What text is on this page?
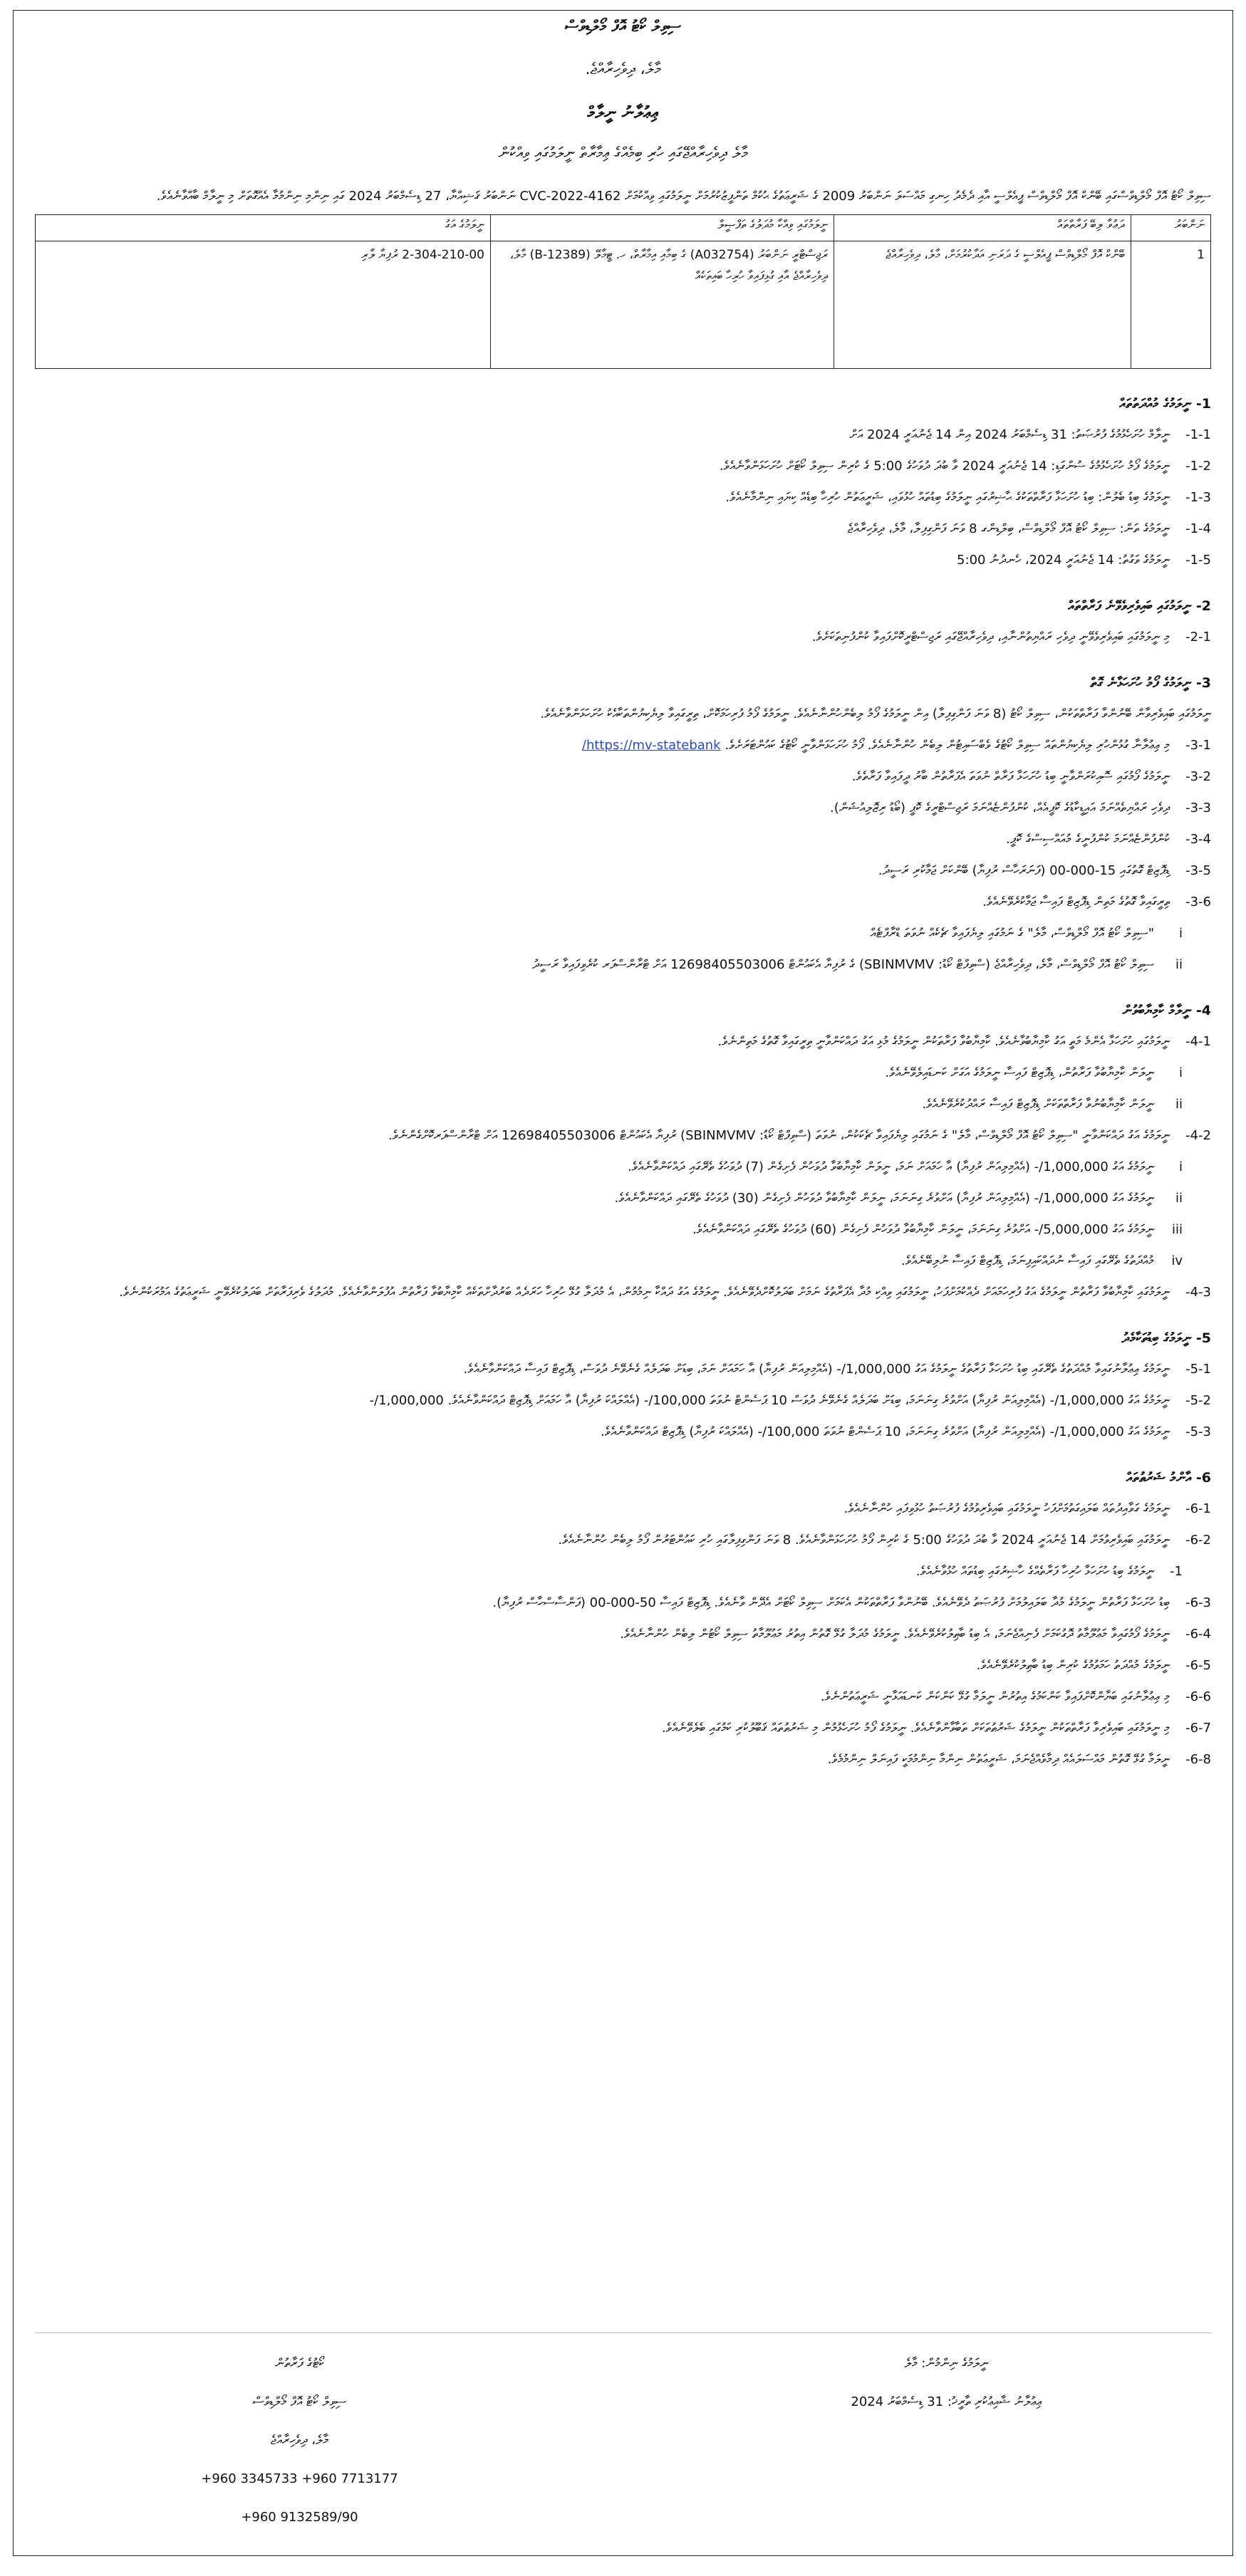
ސިވިލް ކޯޓު އޮފް މޯލްޑިވްސް
މާލެ، ދިވެހިރާއްޖެ.
ޢިޢުލާނު ނީލާމް
މާލެ ދިވެހިރާއްޖޭގައި ހުރި ބިމެއްގެ ޢިމާރާތް ނީލަމުގައި ވިއްކުން

ސިވިލް ކޯޓު އޮފް މޯލްޑިވްސްގައި ބޭންކް އޮފް މޯލްޑިވްސް ޕީއެލްސީ އާއި ދެމެދު ހިނގި މައްސަލަ ނަންބަރު 2009 ގެ ޝަރީޢަތުގެ ޙުކުމް ތަންފީޒުކުރުމަށް ނީލަމުގައި ވިއްކުމަށް 4162-CVC-2022 ނަންބަރު ޤަޟިއްޔާ، 27 ޑިސެމްބަރު 2024 ގައި ނިންމި ނިންމުމާ އެއްގޮތަށް މި ނީލާމް ބާއްވާނެއެވެ.

ނަންބަރު	ދަޢުވާ ލިބޭ ފަރާތްތައް	ނީލަމުގައި ވިއްކާ މުދަލުގެ ތަފްޞީލް	ނީލަމުގެ އަގު
1	ބޭންކް އޮފް މޯލްޑިވްސް ޕީއެލްސީ ގެ ދަރަނި އަދާކުރުމަށް، މާލެ، ދިވެހިރާއްޖެ	ރަޖިސްޓްރީ ނަންބަރު (A032754) ގެ ބިމާއި އިމާރާތް، ހ. ޓީމާލޭ (B-12389) މާލެ، ދިވެހިރާއްޖެ އާއި ގުޅިފައިވާ ހުރިހާ ބައިތަކެއް	2-304-210-00 ރުފިޔާ ލާރި
1- ނީލަމުގެ މުއްދަތުތައް
1-1-
ނީލާމް ހުށަހެޅުމުގެ ފުރުޞަތު: 31 ޑިސެމްބަރު 2024 އިން 14 ޖެނުއަރީ 2024 އަށް
1-2-
ނީލަމުގެ ފޯމު ހުށަހެޅުމުގެ ސުންގަޑި: 14 ޖެނުއަރީ 2024 ވާ ބުދަ ދުވަހުގެ 5:00 ގެ ކުރިން ސިވިލް ކޯޓަށް ހުށަހަޅަންވާނެއެވެ.
1-3-
ނީލަމުގެ ބިޑު ބެލުން: ބިޑު ހުށަހަޅާ ފަރާތްތަކުގެ ޙާޟިރުގައި ނީލަމުގެ ބިޑުތައް ހުޅުވައި، ޝަރީޢަތުން ހުރިހާ ބިޑެއް ކިޔައި ނިންމާނެއެވެ.
1-4-
ނީލަމުގެ ތަން: ސިވިލް ކޯޓު އޮފް މޯލްޑިވްސް، ބިލްޑިންގ 8 ވަނަ ފަންގިފިލާ، މާލެ، ދިވެހިރާއްޖެ
1-5-
ނީލަމުގެ ވަގުތު: 14 ޖެނުއަރީ 2024، ހެނދުނު 5:00
2- ނީލަމުގައި ބައިވެރިވެވޭނެ ފަރާތްތައް
2-1-
މި ނީލަމުގައި ބައިވެރިވެވޭނީ ދިވެހި ރައްޔިތުންނާއި، ދިވެހިރާއްޖޭގައި ރަޖިސްޓްރީކޮށްފައިވާ ކުންފުނިތަކަށެވެ.
3- ނީލަމުގެ ފޯމު ހުށަހަޅާނެ ގޮތް

ނީލަމުގައި ބައިވެރިވާން ބޭނުންވާ ފަރާތްތަކުން، ސިވިލް ކޯޓު (8 ވަނަ ފަންގިފިލާ) އިން ނީލަމުގެ ފޯމު ލިބެންހުންނާނެއެވެ. ނީލަމުގެ ފޯމު ފުރިހަމަކޮށް، ތިރީގައިވާ ލިޔެކިޔުންތަކާއެކު ހުށަހަޅަންވާނެއެވެ.

3-1-
މި ޢިޢުލާނާ ގުޅުންހުރި ލިޔެކިޔުންތައް ސިވިލް ކޯޓުގެ ވެބްސައިޓުން ލިބެން ހުންނާނެއެވެ. ފޯމު ހުށަހަޅަންވާނީ ކޯޓުގެ ކައުންޓަރަށެވެ. https://mv-statebank/
3-2-
ނީލަމުގެ ފޯމުގައި ސޮއިކުރަންވާނީ ބިޑު ހުށަހަޅާ ފަރާތް ނުވަތަ އެފަރާތުން ބާރު ދީފައިވާ ފަރާތެވެ.
3-3-
ދިވެހި ރައްޔިތެއްނަމަ އައިޑީކާޑުގެ ކޮޕީއެއް، ކުންފުންޏެއްނަމަ ރަޖިސްޓްރީގެ ކޮޕީ (ބޯޑު ރިޒޮލިއުޝަން).
3-4-
ކުންފުންޏެއްނަމަ ކުންފުނީގެ މުއައްސިސްގެ ކޮޕީ.
3-5-
ޑިޕޮޒިޓް ގޮތުގައި 15-000-00 (ފަނަރަހާސް ރުފިޔާ) ބޭންކަށް ޖަމާކުރި ރަސީދު.
3-6-
ތިރީގައިވާ ގޮތުގެ މަތިން ޑިޕޮޒިޓް ފައިސާ ޖަމާކުރެވޭނެއެވެ.
i
"ސިވިލް ކޯޓު އޮފް މޯލްޑިވްސް، މާލެ" ގެ ނަމުގައި ލިޔެފައިވާ ޗެކެއް ނުވަތަ ޑްރާފްޓެއް
ii
ސިވިލް ކޯޓު އޮފް މޯލްޑިވްސް، މާލެ، ދިވެހިރާއްޖެ (ސްވިފްޓް ކޯޑު: SBINMVMV) ގެ ރުފިޔާ އެކައުންޓް 12698405503006 އަށް ޓްރާންސްފަރ ކުރެވިފައިވާ ރަސީދު
4- ނީލާމް ކާމިޔާބުވުން
4-1-
ނީލަމުގައި ހުށަހަޅާ އެންމެ މަތީ އަގު ކާމިޔާބުވާނެއެވެ. ކާމިޔާބުވާ ފަރާތަކުން ނީލަމުގެ މުޅި އަގު ދައްކަންވާނީ ތިރީގައިވާ ގޮތުގެ މަތިންނެވެ.
i
ނީލަން ކާމިޔާބުވާ ފަރާތުން، ޑިޕޮޒިޓް ފައިސާ ނީލަމުގެ އަގަށް ކަނޑައިލެވޭނެއެވެ.
ii
ނީލަން ކާމިޔާބުނުވާ ފަރާތްތަކަށް ޑިޕޮޒިޓް ފައިސާ ރައްދުކުރެވޭނެއެވެ.
4-2-
ނީލަމުގެ އަގު ދައްކަންވާނީ "ސިވިލް ކޯޓު އޮފް މޯލްޑިވްސް، މާލެ" ގެ ނަމުގައި ލިޔެފައިވާ ޗެކަކުން، ނުވަތަ (ސްވިފްޓް ކޯޑު: SBINMVMV) ރުފިޔާ އެކައުންޓް 12698405503006 އަށް ޓްރާންސްފަރކޮށްގެންނެވެ.
i
ނީލަމުގެ އަގު 1,000,000/- (އެއްމިލިއަން ރުފިޔާ) އާ ހަމައަށް ނަމަ، ނީލަން ކާމިޔާބުވާ ދުވަހުން ފެށިގެން (7) ދުވަހުގެ ތެރޭގައި ދައްކަންވާނެއެވެ.
ii
ނީލަމުގެ އަގު 1,000,000/- (އެއްމިލިއަން ރުފިޔާ) އަށްވުރެ ގިނަނަމަ، ނީލަން ކާމިޔާބުވާ ދުވަހުން ފެށިގެން (30) ދުވަހުގެ ތެރޭގައި ދައްކަންވާނެއެވެ.
iii
ނީލަމުގެ އަގު 5,000,000/- އަށްވުރެ ގިނަނަމަ، ނީލަން ކާމިޔާބުވާ ދުވަހުން ފެށިގެން (60) ދުވަހުގެ ތެރޭގައި ދައްކަންވާނެއެވެ.
iv
މުއްދަތުގެ ތެރޭގައި ފައިސާ ނުދައްކައިފިނަމަ، ޑިޕޮޒިޓް ފައިސާ ނުލިބޭނެއެވެ.
4-3-
ނީލަމުގައި ކާމިޔާބުވާ ފަރާތުން ނީލަމުގެ އަގު ފުރިހަމައަށް ދެއްކުމަށްފަހު، ނީލަމުގައި ވިއްކި މުދާ އެފަރާތުގެ ނަމަށް ބަދަލުކޮށްދެވޭނެއެވެ. ނީލަމުގެ އަގު ދައްކާ ނިމުމުން، އެ މުދަލާ ގުޅޭ ހުރިހާ ހަރަދެއް ބަރުދާށްތަކެއް ކާމިޔާބުވާ ފަރާތުން އުފުލަންވާނެއެވެ. މުދަލުގެ ވެރިފަރާތަށް ބަދަލުކުރެވޭނީ ޝަރީޢަތުގެ އަމުރަކުންނެވެ.
5- ނީލަމުގެ ބިޑުތަކާމެދު
5-1-
ނީލަމުގެ ޢިޢުލާނުގައިވާ މުއްދަތުގެ ތެރޭގައި ބިޑު ހުށަހަޅާ ފަރާތުގެ ނީލަމުގެ އަގު 1,000,000/- (އެއްމިލިއަން ރުފިޔާ) އާ ހަމައަށް ނަމަ، ބިޑަށް ބަދަލެއް ގެނެވޭނެ ދުވަސް، ޑިޕޮޒިޓް ފައިސާ ދައްކަންވާނެއެވެ.
5-2-
ނީލަމުގެ އަގު 1,000,000/- (އެއްމިލިއަން ރުފިޔާ) އަށްވުރެ ގިނަނަމަ، ބިޑަށް ބަދަލެއް ގެނެވޭނެ ދުވަސް 10 ޕަސެންޓް ނުވަތަ 100,000/- (އެއްލައްކަ ރުފިޔާ) އާ ހަމައަށް ޑިޕޮޒިޓް ދައްކަންވާނެއެވެ. 1,000,000/-
5-3-
ނީލަމުގެ އަގު 1,000,000/- (އެއްމިލިއަން ރުފިޔާ) އަށްވުރެ ގިނަނަމަ، 10 ޕަސެންޓް ނުވަތަ 100,000/- (އެއްލައްކަ ރުފިޔާ) ޑިޕޮޒިޓް ދައްކަންވާނެއެވެ.
6- އާންމު ޝަރުޠުތައް
6-1-
ނީލަމުގެ ގަވާއިދުތައް ބަލައިގަތުމަށްފަހު ނީލަމުގައި ބައިވެރިވުމުގެ ފުރުޞަތު ހުޅުވިފައި ހުންނާނެއެވެ.
6-2-
ނީލަމުގައި ބައިވެރިވުމަށް 14 ޖެނުއަރީ 2024 ވާ ބުދަ ދުވަހުގެ 5:00 ގެ ކުރިން ފޯމު ހުށަހަޅަންވާނެއެވެ. 8 ވަނަ ފަންގިފިލާގައި ހުރި ކައުންޓަރުން ފޯމު ލިބެން ހުންނާނެއެވެ.
1-
ނީލަމުގެ ބިޑު ހުށަހަޅާ ހުރިހާ ފަރާތެއްގެ ހާޟިރުގައި ބިޑުތައް ހުޅުވާނެއެވެ.
6-3-
ބިޑު ހުށަހަޅާ ފަރާތުން ނީލަމުގެ މުދާ ބަލައިލުމަށް ފުރުޞަތު ދެވޭނެއެވެ. ބޭނުންވާ ފަރާތްތަކުން އެކަމަށް ސިވިލް ކޯޓަށް އެދޭން ވާނެއެވެ. ޑިޕޮޒިޓް ފައިސާ 50-000-00 (ފަންސާސްހާސް ރުފިޔާ).
6-4-
ނީލަމުގެ ފޯމުގައިވާ މަޢުލޫމާތު ދޮގުކަމަށް ފެނިއްޖެނަމަ، އެ ބިޑު ބާޠިލުކުރެވޭނެއެވެ. ނީލަމުގެ މުދަލާ ގުޅޭ ގޮތުން އިތުރު މަޢުލޫމާތު ސިވިލް ކޯޓުން ލިބެން ހުންނާނެއެވެ.
6-5-
ނީލަމުގެ މުއްދަތު ހަމަވުމުގެ ކުރިން ބިޑު ބާޠިލުކުރެވޭނެއެވެ.
6-6-
މި ޢިޢުލާނުގައި ބަޔާންކޮށްފައިވާ ކަންކަމުގެ އިތުރުން ނީލަމާ ގުޅޭ ކަންކަން ކަނޑައަޅާނީ ޝަރީޢަތުންނެވެ.
6-7-
މި ނީލަމުގައި ބައިވެރިވާ ފަރާތްތަކުން ނީލަމުގެ ޝަރުޠުތަކަށް ތަބާވާންވާނެއެވެ. ނީލަމުގެ ފޯމު ހުށަހެޅުމުން މި ޝަރުޠުތައް ޤަބޫލުކުރި ކަމުގައި ބެލެވޭނެއެވެ.
6-8-
ނީލަމާ ގުޅޭ ގޮތުން މައްސަލައެއް ދިމާވެއްޖެނަމަ، ޝަރީޢަތުން ނިންމާ ނިންމުމަކީ ފައިނަލް ނިންމުމެވެ.
ނީލަމުގެ ނިންމުން: މާލެ
ޢިޢުލާނު ޝާއިޢުކުރި ތާރީޚު: 31 ޑިސެމްބަރު 2024
ކޯޓުގެ ފަރާތުން
ސިވިލް ކޯޓު އޮފް މޯލްޑިވްސް
މާލެ، ދިވެހިރާއްޖެ
+960 3345733 +960 7713177
+960 9132589/90
